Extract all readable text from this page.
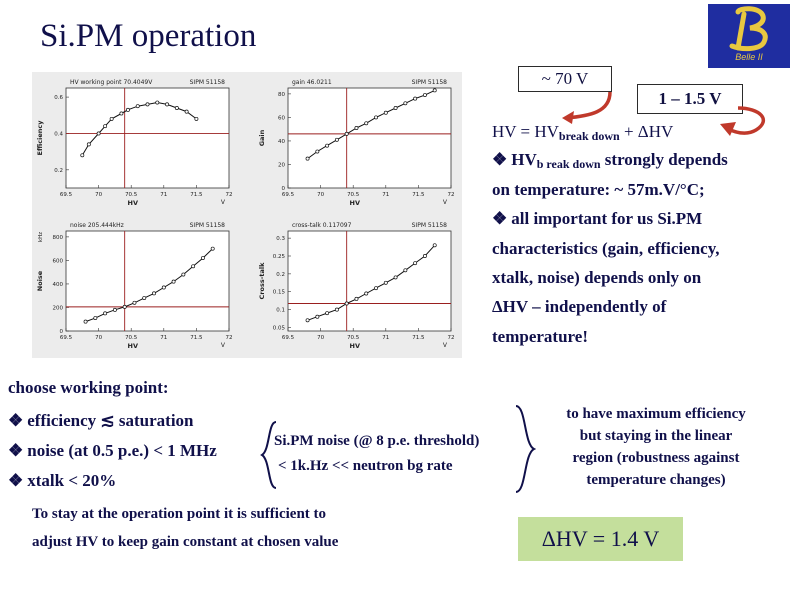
Si.PM operation
Belle II
HV working point 70.4049V	SIPM 51158
69.5	70	70.5	71	71.5	72
V
HV
0.2
0.4
0.6
Efficiency
gain 46.0211	SIPM 51158
69.5	70	70.5	71	71.5	72
V
HV
0
20
40
60
80
Gain
noise 205.444kHz	SIPM 51158
69.5	70	70.5	71	71.5	72
V
HV
0
200
400
600
800
Noise
kHz
cross-talk 0.117097	SIPM 51158
69.5	70	70.5	71	71.5	72
V
HV
0.05
0.1
0.15
0.2
0.25
0.3
Cross-talk
~ 70 V
1 – 1.5 V
HV = $HV_{break down} + \Delta HV$
❖ $HV_{b reak down}$ strongly depends
on temperature: ~ 57m.V/°C;
❖ all important for us Si.PM
characteristics (gain, efficiency,
xtalk, noise) depends only on
ΔHV – independently of
temperature!
choose working point:
❖ efficiency ≲ saturation
❖ noise (at 0.5 p.e.) < 1 MHz
❖ xtalk < 20%
Si.PM noise (@ 8 p.e. threshold)
< 1k.Hz << neutron bg rate
to have maximum efficiency
but staying in the linear
region (robustness against
temperature changes)
To stay at the operation point it is sufficient to
adjust HV to keep gain constant at chosen value	ΔHV = 1.4 V
